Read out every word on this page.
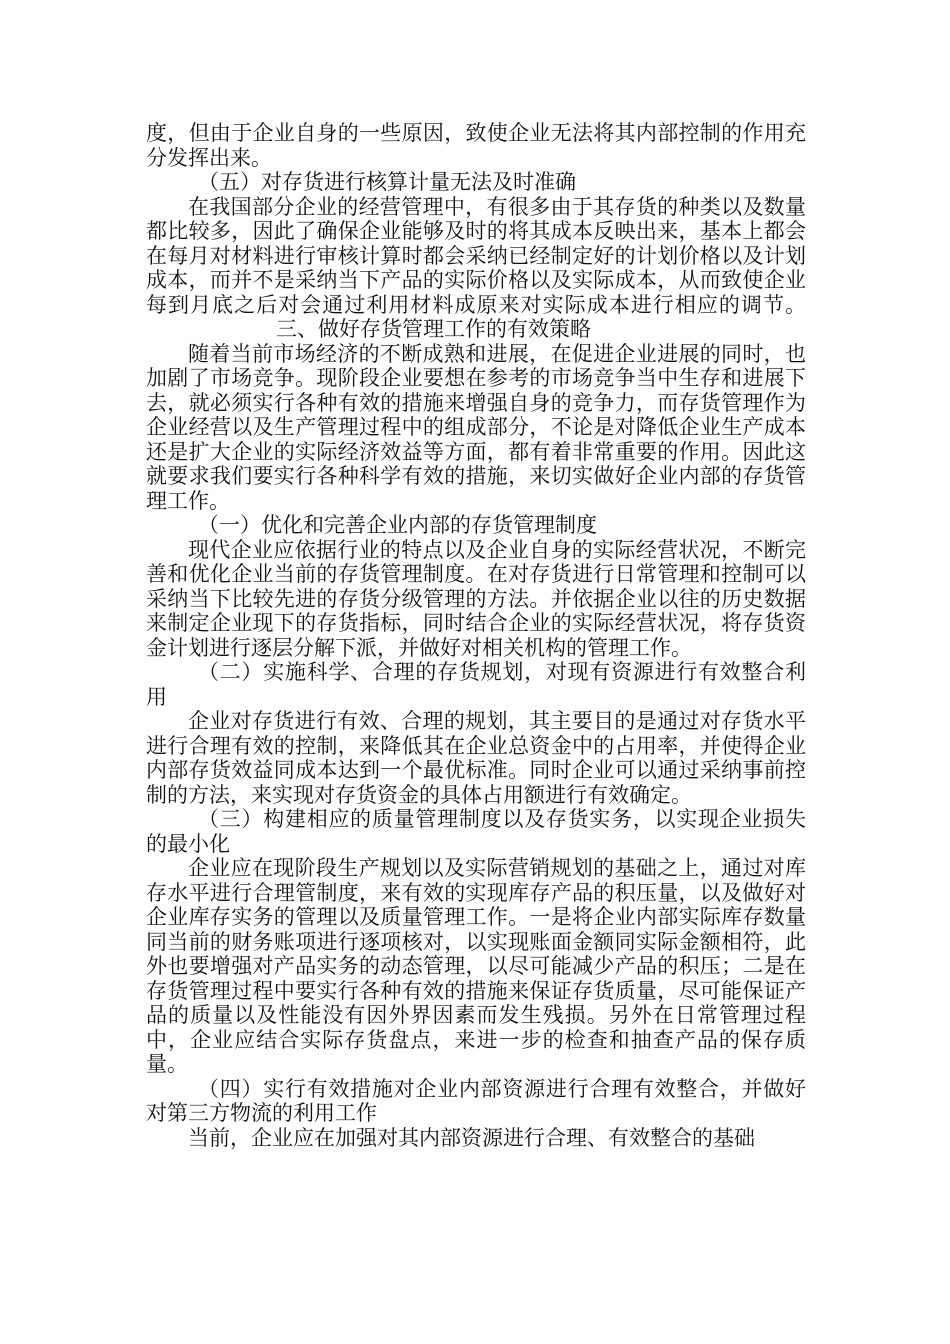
度，但由于企业自身的一些原因，致使企业无法将其内部控制的作用充分发挥出来。

（五）对存货进行核算计量无法及时准确

在我国部分企业的经营管理中，有很多由于其存货的种类以及数量都比较多，因此了确保企业能够及时的将其成本反映出来，基本上都会在每月对材料进行审核计算时都会采纳已经制定好的计划价格以及计划成本，而并不是采纳当下产品的实际价格以及实际成本，从而致使企业每到月底之后对会通过利用材料成原来对实际成本进行相应的调节。三、做好存货管理工作的有效策略

随着当前市场经济的不断成熟和进展，在促进企业进展的同时，也加剧了市场竞争。现阶段企业要想在参考的市场竞争当中生存和进展下去，就必须实行各种有效的措施来增强自身的竞争力，而存货管理作为企业经营以及生产管理过程中的组成部分，不论是对降低企业生产成本还是扩大企业的实际经济效益等方面，都有着非常重要的作用。因此这就要求我们要实行各种科学有效的措施，来切实做好企业内部的存货管理工作。

（一）优化和完善企业内部的存货管理制度

现代企业应依据行业的特点以及企业自身的实际经营状况，不断完善和优化企业当前的存货管理制度。在对存货进行日常管理和控制可以采纳当下比较先进的存货分级管理的方法。并依据企业以往的历史数据来制定企业现下的存货指标，同时结合企业的实际经营状况，将存货资金计划进行逐层分解下派，并做好对相关机构的管理工作。

（二）实施科学、合理的存货规划，对现有资源进行有效整合利用

企业对存货进行有效、合理的规划，其主要目的是通过对存货水平进行合理有效的控制，来降低其在企业总资金中的占用率，并使得企业内部存货效益同成本达到一个最优标准。同时企业可以通过采纳事前控制的方法，来实现对存货资金的具体占用额进行有效确定。

（三）构建相应的质量管理制度以及存货实务，以实现企业损失的最小化

企业应在现阶段生产规划以及实际营销规划的基础之上，通过对库存水平进行合理管制度，来有效的实现库存产品的积压量，以及做好对企业库存实务的管理以及质量管理工作。一是将企业内部实际库存数量同当前的财务账项进行逐项核对，以实现账面金额同实际金额相符，此外也要增强对产品实务的动态管理，以尽可能减少产品的积压；二是在存货管理过程中要实行各种有效的措施来保证存货质量，尽可能保证产品的质量以及性能没有因外界因素而发生残损。另外在日常管理过程中，企业应结合实际存货盘点，来进一步的检查和抽查产品的保存质量。

（四）实行有效措施对企业内部资源进行合理有效整合，并做好对第三方物流的利用工作

当前，企业应在加强对其内部资源进行合理、有效整合的基础
